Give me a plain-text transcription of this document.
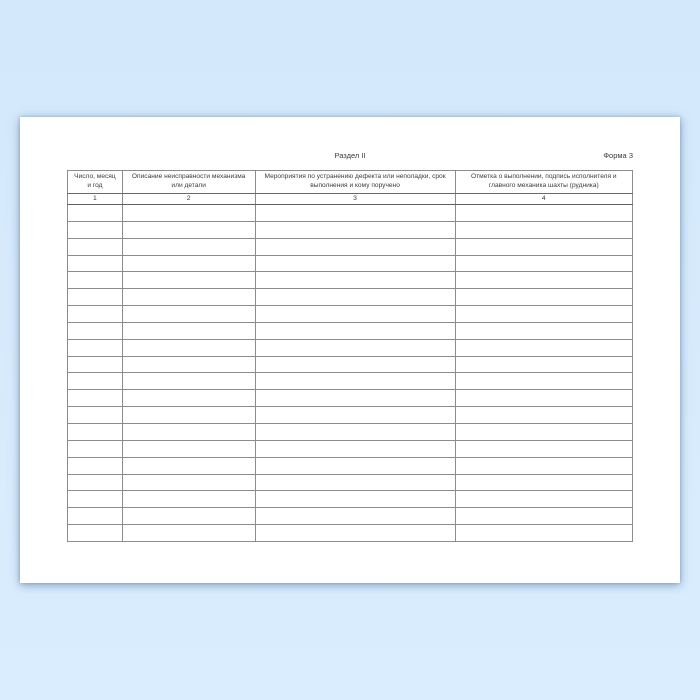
Раздел II	Форма 3
Число, месяц и год	Описание неисправности механизма или детали	Мероприятия по устранению дефекта или неполадки, срок выполнения и кому поручено	Отметка о выполнении, подпись исполнителя и главного механика шахты (рудника)
1	2	3	4
